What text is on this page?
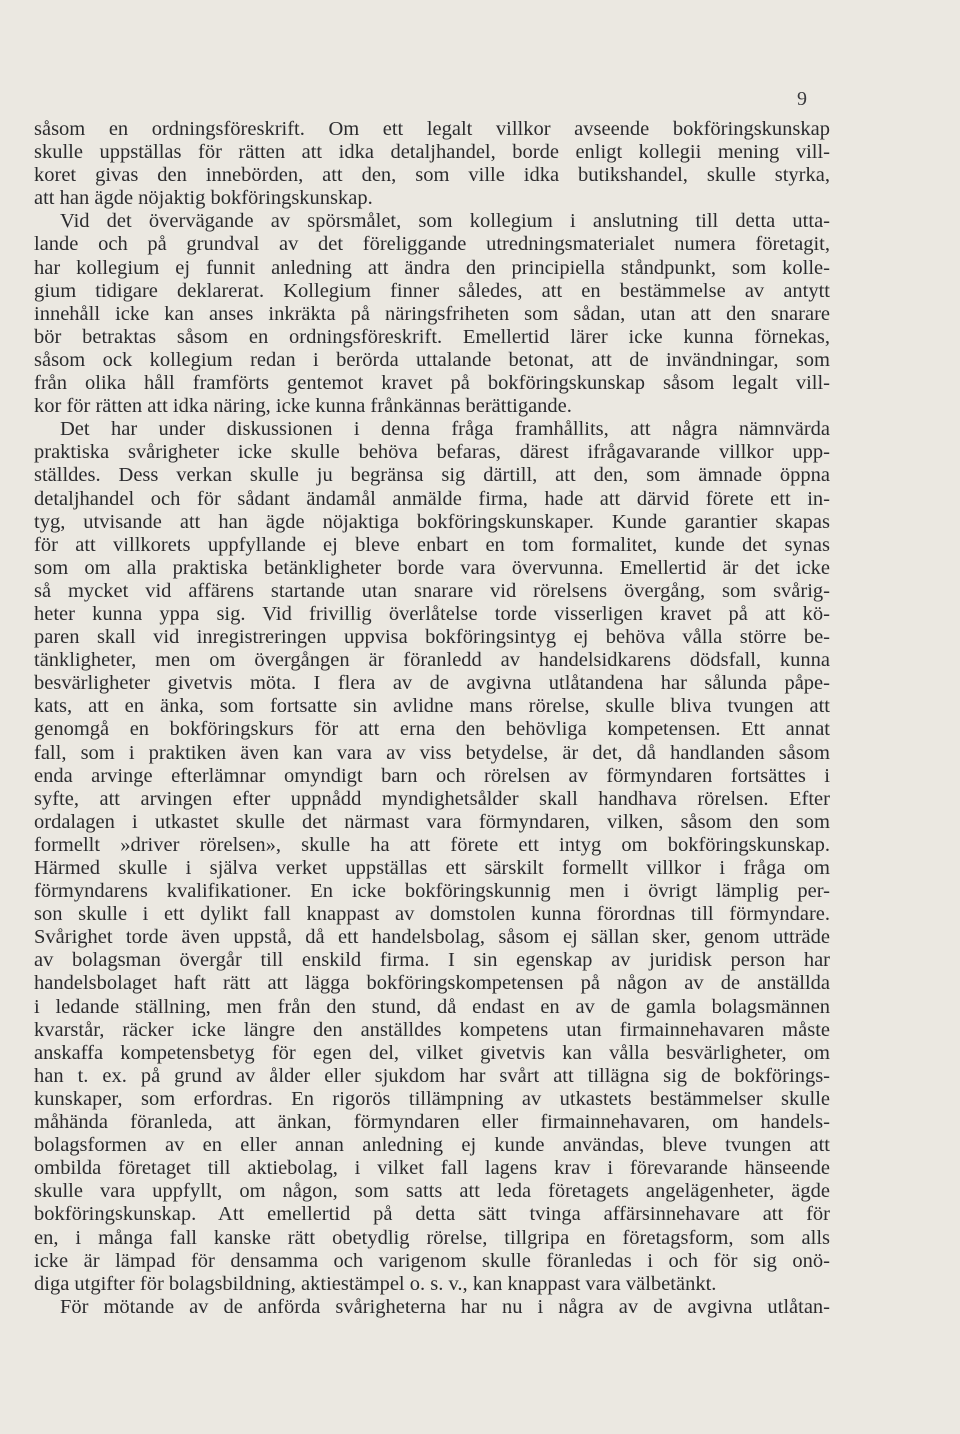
9
såsom en ordningsföreskrift. Om ett legalt villkor avseende bokföringskunskap
skulle uppställas för rätten att idka detaljhandel, borde enligt kollegii mening vill-
koret givas den innebörden, att den, som ville idka butikshandel, skulle styrka,
att han ägde nöjaktig bokföringskunskap.
Vid det övervägande av spörsmålet, som kollegium i anslutning till detta utta-
lande och på grundval av det föreliggande utredningsmaterialet numera företagit,
har kollegium ej funnit anledning att ändra den principiella ståndpunkt, som kolle-
gium tidigare deklarerat. Kollegium finner således, att en bestämmelse av antytt
innehåll icke kan anses inkräkta på näringsfriheten som sådan, utan att den snarare
bör betraktas såsom en ordningsföreskrift. Emellertid lärer icke kunna förnekas,
såsom ock kollegium redan i berörda uttalande betonat, att de invändningar, som
från olika håll framförts gentemot kravet på bokföringskunskap såsom legalt vill-
kor för rätten att idka näring, icke kunna frånkännas berättigande.
Det har under diskussionen i denna fråga framhållits, att några nämnvärda
praktiska svårigheter icke skulle behöva befaras, därest ifrågavarande villkor upp-
ställdes. Dess verkan skulle ju begränsa sig därtill, att den, som ämnade öppna
detaljhandel och för sådant ändamål anmälde firma, hade att därvid förete ett in-
tyg, utvisande att han ägde nöjaktiga bokföringskunskaper. Kunde garantier skapas
för att villkorets uppfyllande ej bleve enbart en tom formalitet, kunde det synas
som om alla praktiska betänkligheter borde vara övervunna. Emellertid är det icke
så mycket vid affärens startande utan snarare vid rörelsens övergång, som svårig-
heter kunna yppa sig. Vid frivillig överlåtelse torde visserligen kravet på att kö-
paren skall vid inregistreringen uppvisa bokföringsintyg ej behöva vålla större be-
tänkligheter, men om övergången är föranledd av handelsidkarens dödsfall, kunna
besvärligheter givetvis möta. I flera av de avgivna utlåtandena har sålunda påpe-
kats, att en änka, som fortsatte sin avlidne mans rörelse, skulle bliva tvungen att
genomgå en bokföringskurs för att erna den behövliga kompetensen. Ett annat
fall, som i praktiken även kan vara av viss betydelse, är det, då handlanden såsom
enda arvinge efterlämnar omyndigt barn och rörelsen av förmyndaren fortsättes i
syfte, att arvingen efter uppnådd myndighetsålder skall handhava rörelsen. Efter
ordalagen i utkastet skulle det närmast vara förmyndaren, vilken, såsom den som
formellt »driver rörelsen», skulle ha att förete ett intyg om bokföringskunskap.
Härmed skulle i själva verket uppställas ett särskilt formellt villkor i fråga om
förmyndarens kvalifikationer. En icke bokföringskunnig men i övrigt lämplig per-
son skulle i ett dylikt fall knappast av domstolen kunna förordnas till förmyndare.
Svårighet torde även uppstå, då ett handelsbolag, såsom ej sällan sker, genom utträde
av bolagsman övergår till enskild firma. I sin egenskap av juridisk person har
handelsbolaget haft rätt att lägga bokföringskompetensen på någon av de anställda
i ledande ställning, men från den stund, då endast en av de gamla bolagsmännen
kvarstår, räcker icke längre den anställdes kompetens utan firmainnehavaren måste
anskaffa kompetensbetyg för egen del, vilket givetvis kan vålla besvärligheter, om
han t. ex. på grund av ålder eller sjukdom har svårt att tillägna sig de bokförings-
kunskaper, som erfordras. En rigorös tillämpning av utkastets bestämmelser skulle
måhända föranleda, att änkan, förmyndaren eller firmainnehavaren, om handels-
bolagsformen av en eller annan anledning ej kunde användas, bleve tvungen att
ombilda företaget till aktiebolag, i vilket fall lagens krav i förevarande hänseende
skulle vara uppfyllt, om någon, som satts att leda företagets angelägenheter, ägde
bokföringskunskap. Att emellertid på detta sätt tvinga affärsinnehavare att för
en, i många fall kanske rätt obetydlig rörelse, tillgripa en företagsform, som alls
icke är lämpad för densamma och varigenom skulle föranledas i och för sig onö-
diga utgifter för bolagsbildning, aktiestämpel o. s. v., kan knappast vara välbetänkt.
För mötande av de anförda svårigheterna har nu i några av de avgivna utlåtan-
